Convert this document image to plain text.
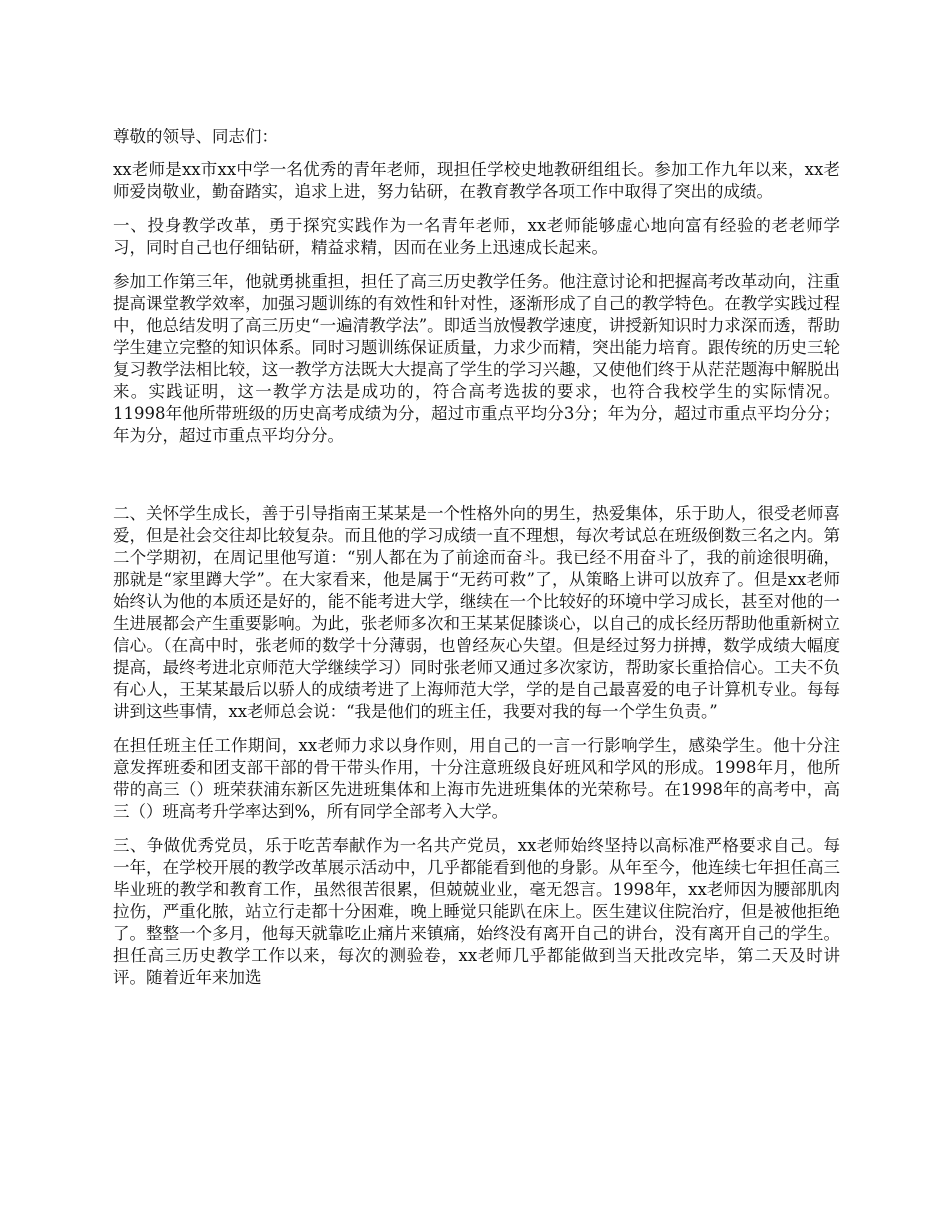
尊敬的领导、同志们：

xx老师是xx市xx中学一名优秀的青年老师，现担任学校史地教研组组长。参加工作九年以来，xx老师爱岗敬业，勤奋踏实，追求上进，努力钻研，在教育教学各项工作中取得了突出的成绩。

一、投身教学改革，勇于探究实践作为一名青年老师，xx老师能够虚心地向富有经验的老老师学习，同时自己也仔细钻研，精益求精，因而在业务上迅速成长起来。

参加工作第三年，他就勇挑重担，担任了高三历史教学任务。他注意讨论和把握高考改革动向，注重提高课堂教学效率，加强习题训练的有效性和针对性，逐渐形成了自己的教学特色。在教学实践过程中，他总结发明了高三历史“一遍清教学法”。即适当放慢教学速度，讲授新知识时力求深而透，帮助学生建立完整的知识体系。同时习题训练保证质量，力求少而精，突出能力培育。跟传统的历史三轮复习教学法相比较，这一教学方法既大大提高了学生的学习兴趣，又使他们终于从茫茫题海中解脱出来。实践证明，这一教学方法是成功的，符合高考选拔的要求，也符合我校学生的实际情况。11998年他所带班级的历史高考成绩为分，超过市重点平均分3分；年为分，超过市重点平均分分；年为分，超过市重点平均分分。

二、关怀学生成长，善于引导指南王某某是一个性格外向的男生，热爱集体，乐于助人，很受老师喜爱，但是社会交往却比较复杂。而且他的学习成绩一直不理想，每次考试总在班级倒数三名之内。第二个学期初，在周记里他写道：“别人都在为了前途而奋斗。我已经不用奋斗了，我的前途很明确，那就是“家里蹲大学”。在大家看来，他是属于“无药可救”了，从策略上讲可以放弃了。但是xx老师始终认为他的本质还是好的，能不能考进大学，继续在一个比较好的环境中学习成长，甚至对他的一生进展都会产生重要影响。为此，张老师多次和王某某促膝谈心，以自己的成长经历帮助他重新树立信心。（在高中时，张老师的数学十分薄弱，也曾经灰心失望。但是经过努力拼搏，数学成绩大幅度提高，最终考进北京师范大学继续学习）同时张老师又通过多次家访，帮助家长重拾信心。工夫不负有心人，王某某最后以骄人的成绩考进了上海师范大学，学的是自己最喜爱的电子计算机专业。每每讲到这些事情，xx老师总会说：“我是他们的班主任，我要对我的每一个学生负责。”

在担任班主任工作期间，xx老师力求以身作则，用自己的一言一行影响学生，感染学生。他十分注意发挥班委和团支部干部的骨干带头作用，十分注意班级良好班风和学风的形成。1998年月，他所带的高三（）班荣获浦东新区先进班集体和上海市先进班集体的光荣称号。在1998年的高考中，高三（）班高考升学率达到%，所有同学全部考入大学。

三、争做优秀党员，乐于吃苦奉献作为一名共产党员，xx老师始终坚持以高标准严格要求自己。每一年，在学校开展的教学改革展示活动中，几乎都能看到他的身影。从年至今，他连续七年担任高三毕业班的教学和教育工作，虽然很苦很累，但兢兢业业，毫无怨言。1998年，xx老师因为腰部肌肉拉伤，严重化脓，站立行走都十分困难，晚上睡觉只能趴在床上。医生建议住院治疗，但是被他拒绝了。整整一个多月，他每天就靠吃止痛片来镇痛，始终没有离开自己的讲台，没有离开自己的学生。担任高三历史教学工作以来，每次的测验卷，xx老师几乎都能做到当天批改完毕，第二天及时讲评。随着近年来加选
